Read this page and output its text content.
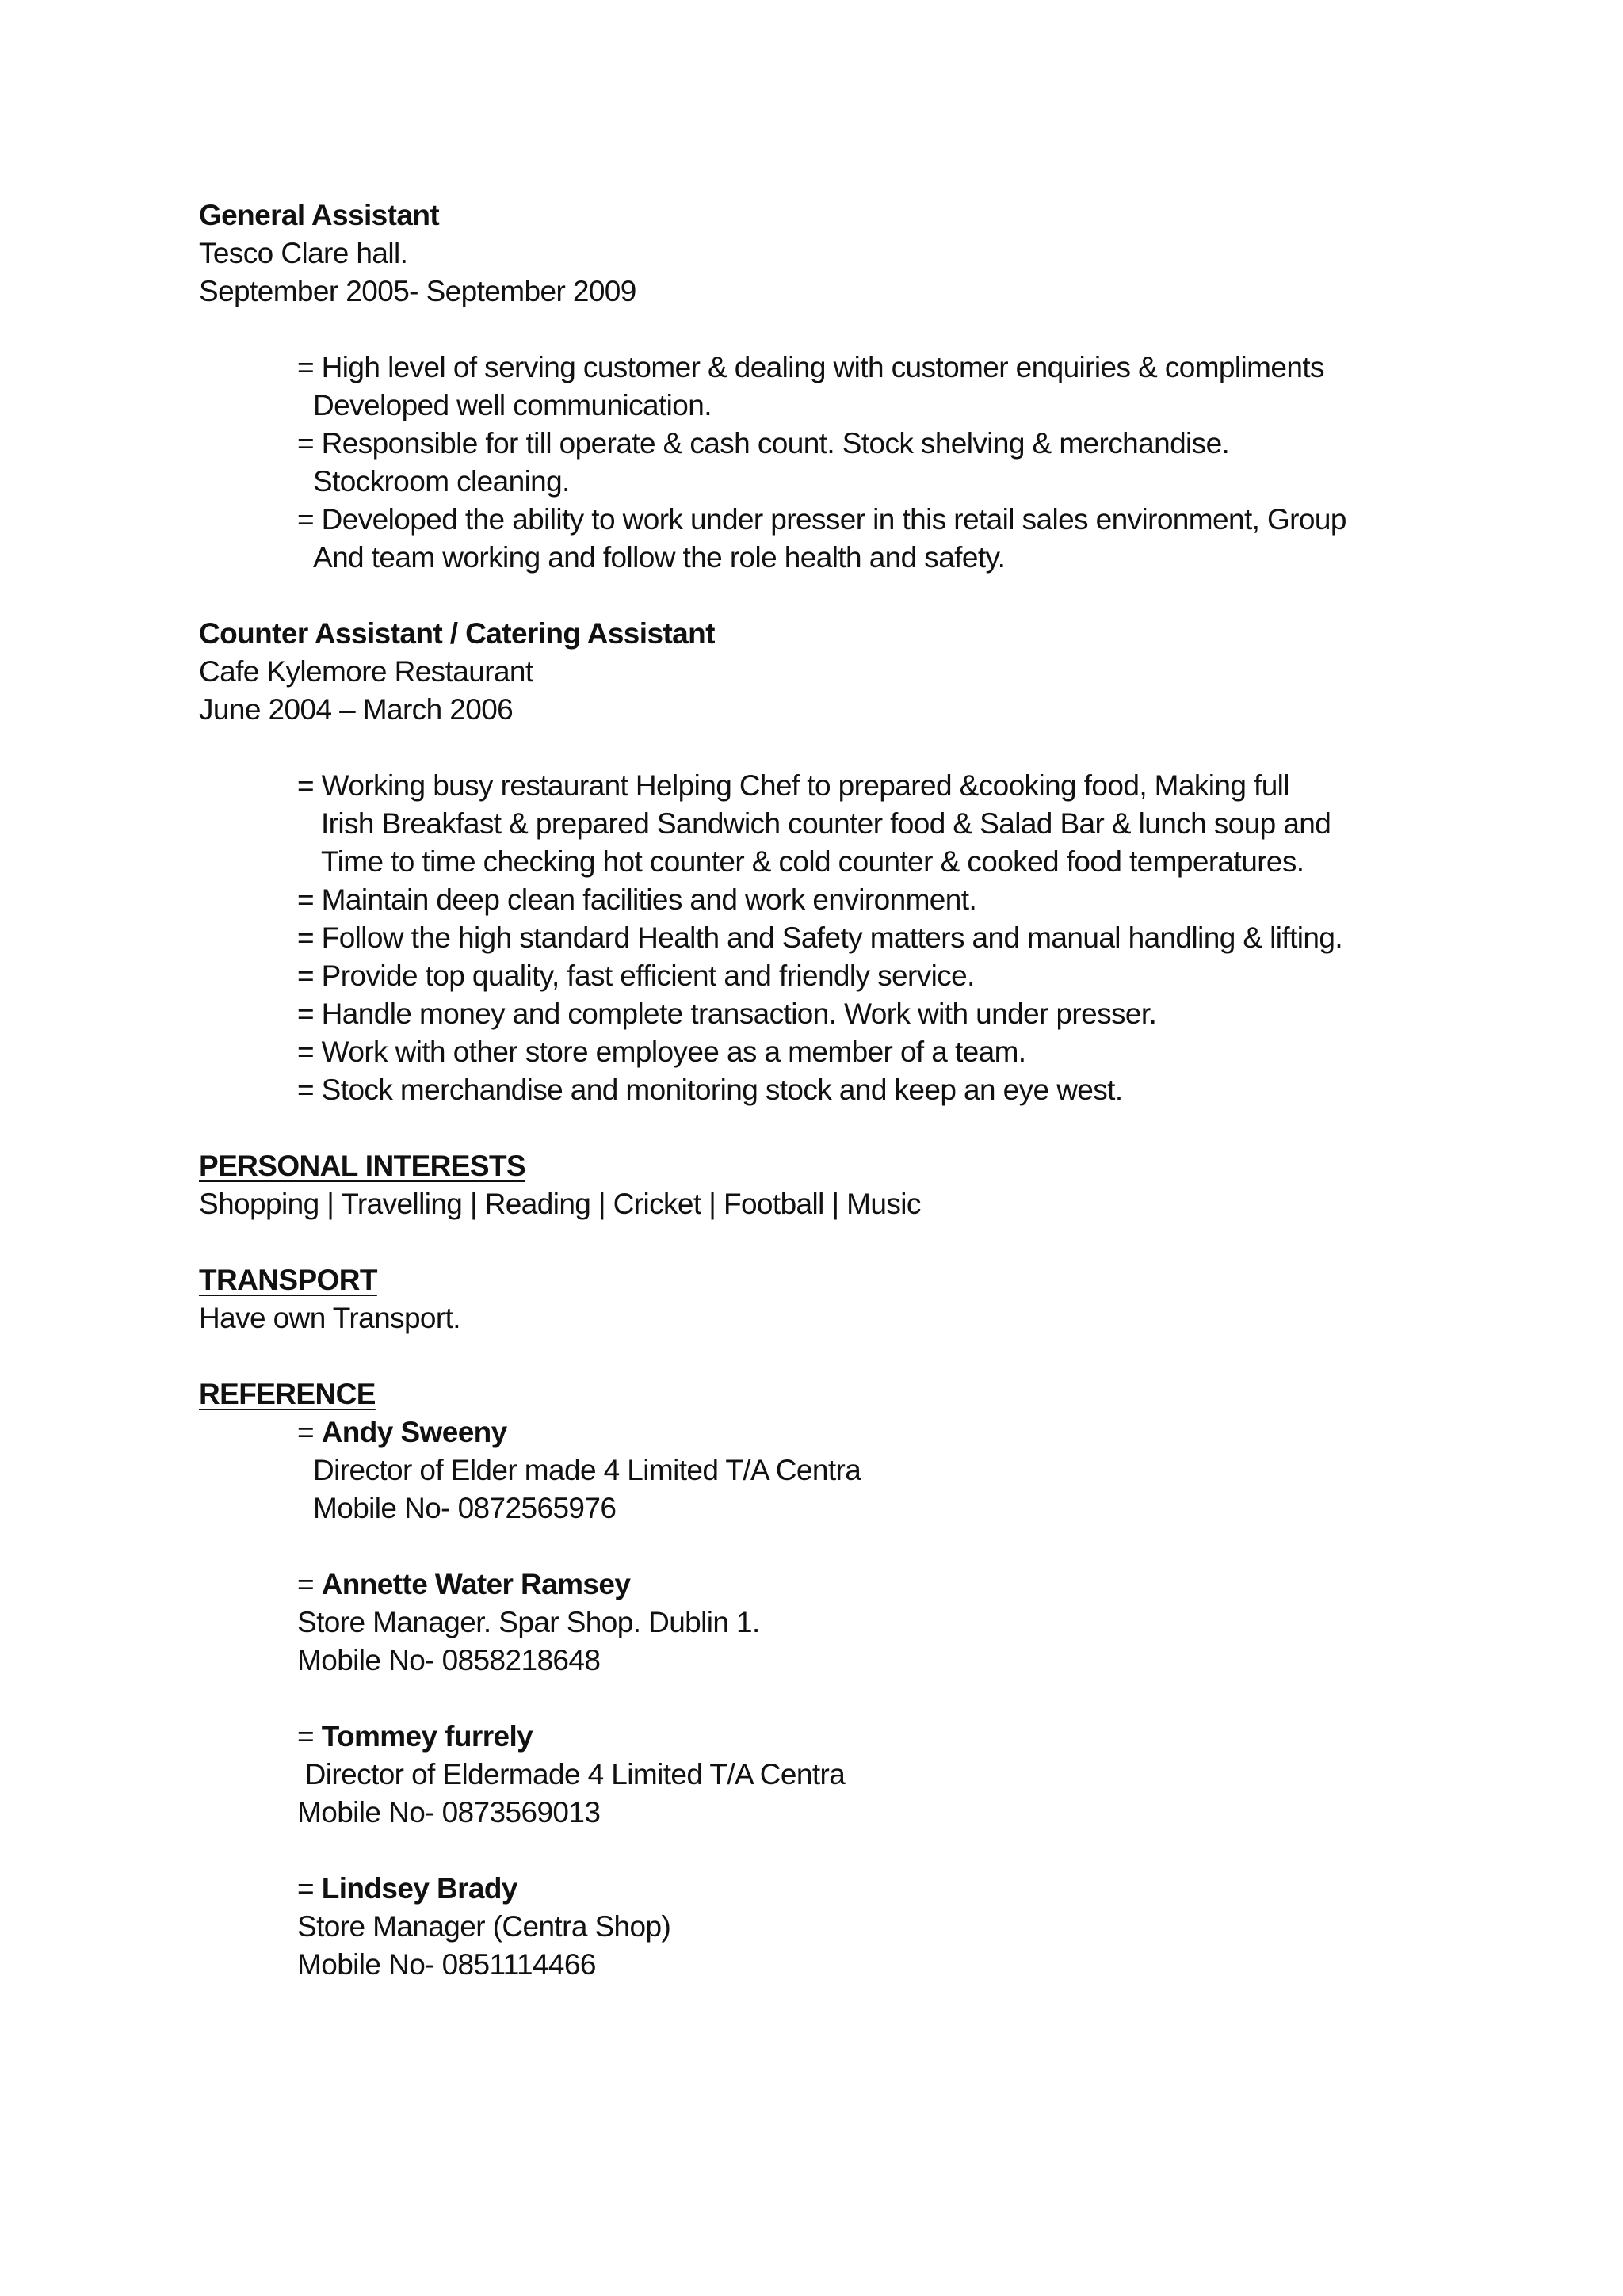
General Assistant
Tesco Clare hall.
September 2005- September 2009
= High level of serving customer & dealing with customer enquiries & compliments
Developed well communication.
= Responsible for till operate & cash count. Stock shelving & merchandise.
Stockroom cleaning.
= Developed the ability to work under presser in this retail sales environment, Group
And team working and follow the role health and safety.
Counter Assistant / Catering Assistant
Cafe Kylemore Restaurant
June 2004 – March 2006
= Working busy restaurant Helping Chef to prepared &cooking food, Making full
Irish Breakfast & prepared Sandwich counter food & Salad Bar & lunch soup and
Time to time checking hot counter & cold counter & cooked food temperatures.
= Maintain deep clean facilities and work environment.
= Follow the high standard Health and Safety matters and manual handling & lifting.
= Provide top quality, fast efficient and friendly service.
= Handle money and complete transaction. Work with under presser.
= Work with other store employee as a member of a team.
= Stock merchandise and monitoring stock and keep an eye west.
PERSONAL INTERESTS
Shopping | Travelling | Reading | Cricket | Football | Music
TRANSPORT
Have own Transport.
REFERENCE
= Andy Sweeny
Director of Elder made 4 Limited T/A Centra
Mobile No- 0872565976
= Annette Water Ramsey
Store Manager. Spar Shop. Dublin 1.
Mobile No- 0858218648
= Tommey furrely
Director of Eldermade 4 Limited T/A Centra
Mobile No- 0873569013
= Lindsey Brady
Store Manager (Centra Shop)
Mobile No- 0851114466
